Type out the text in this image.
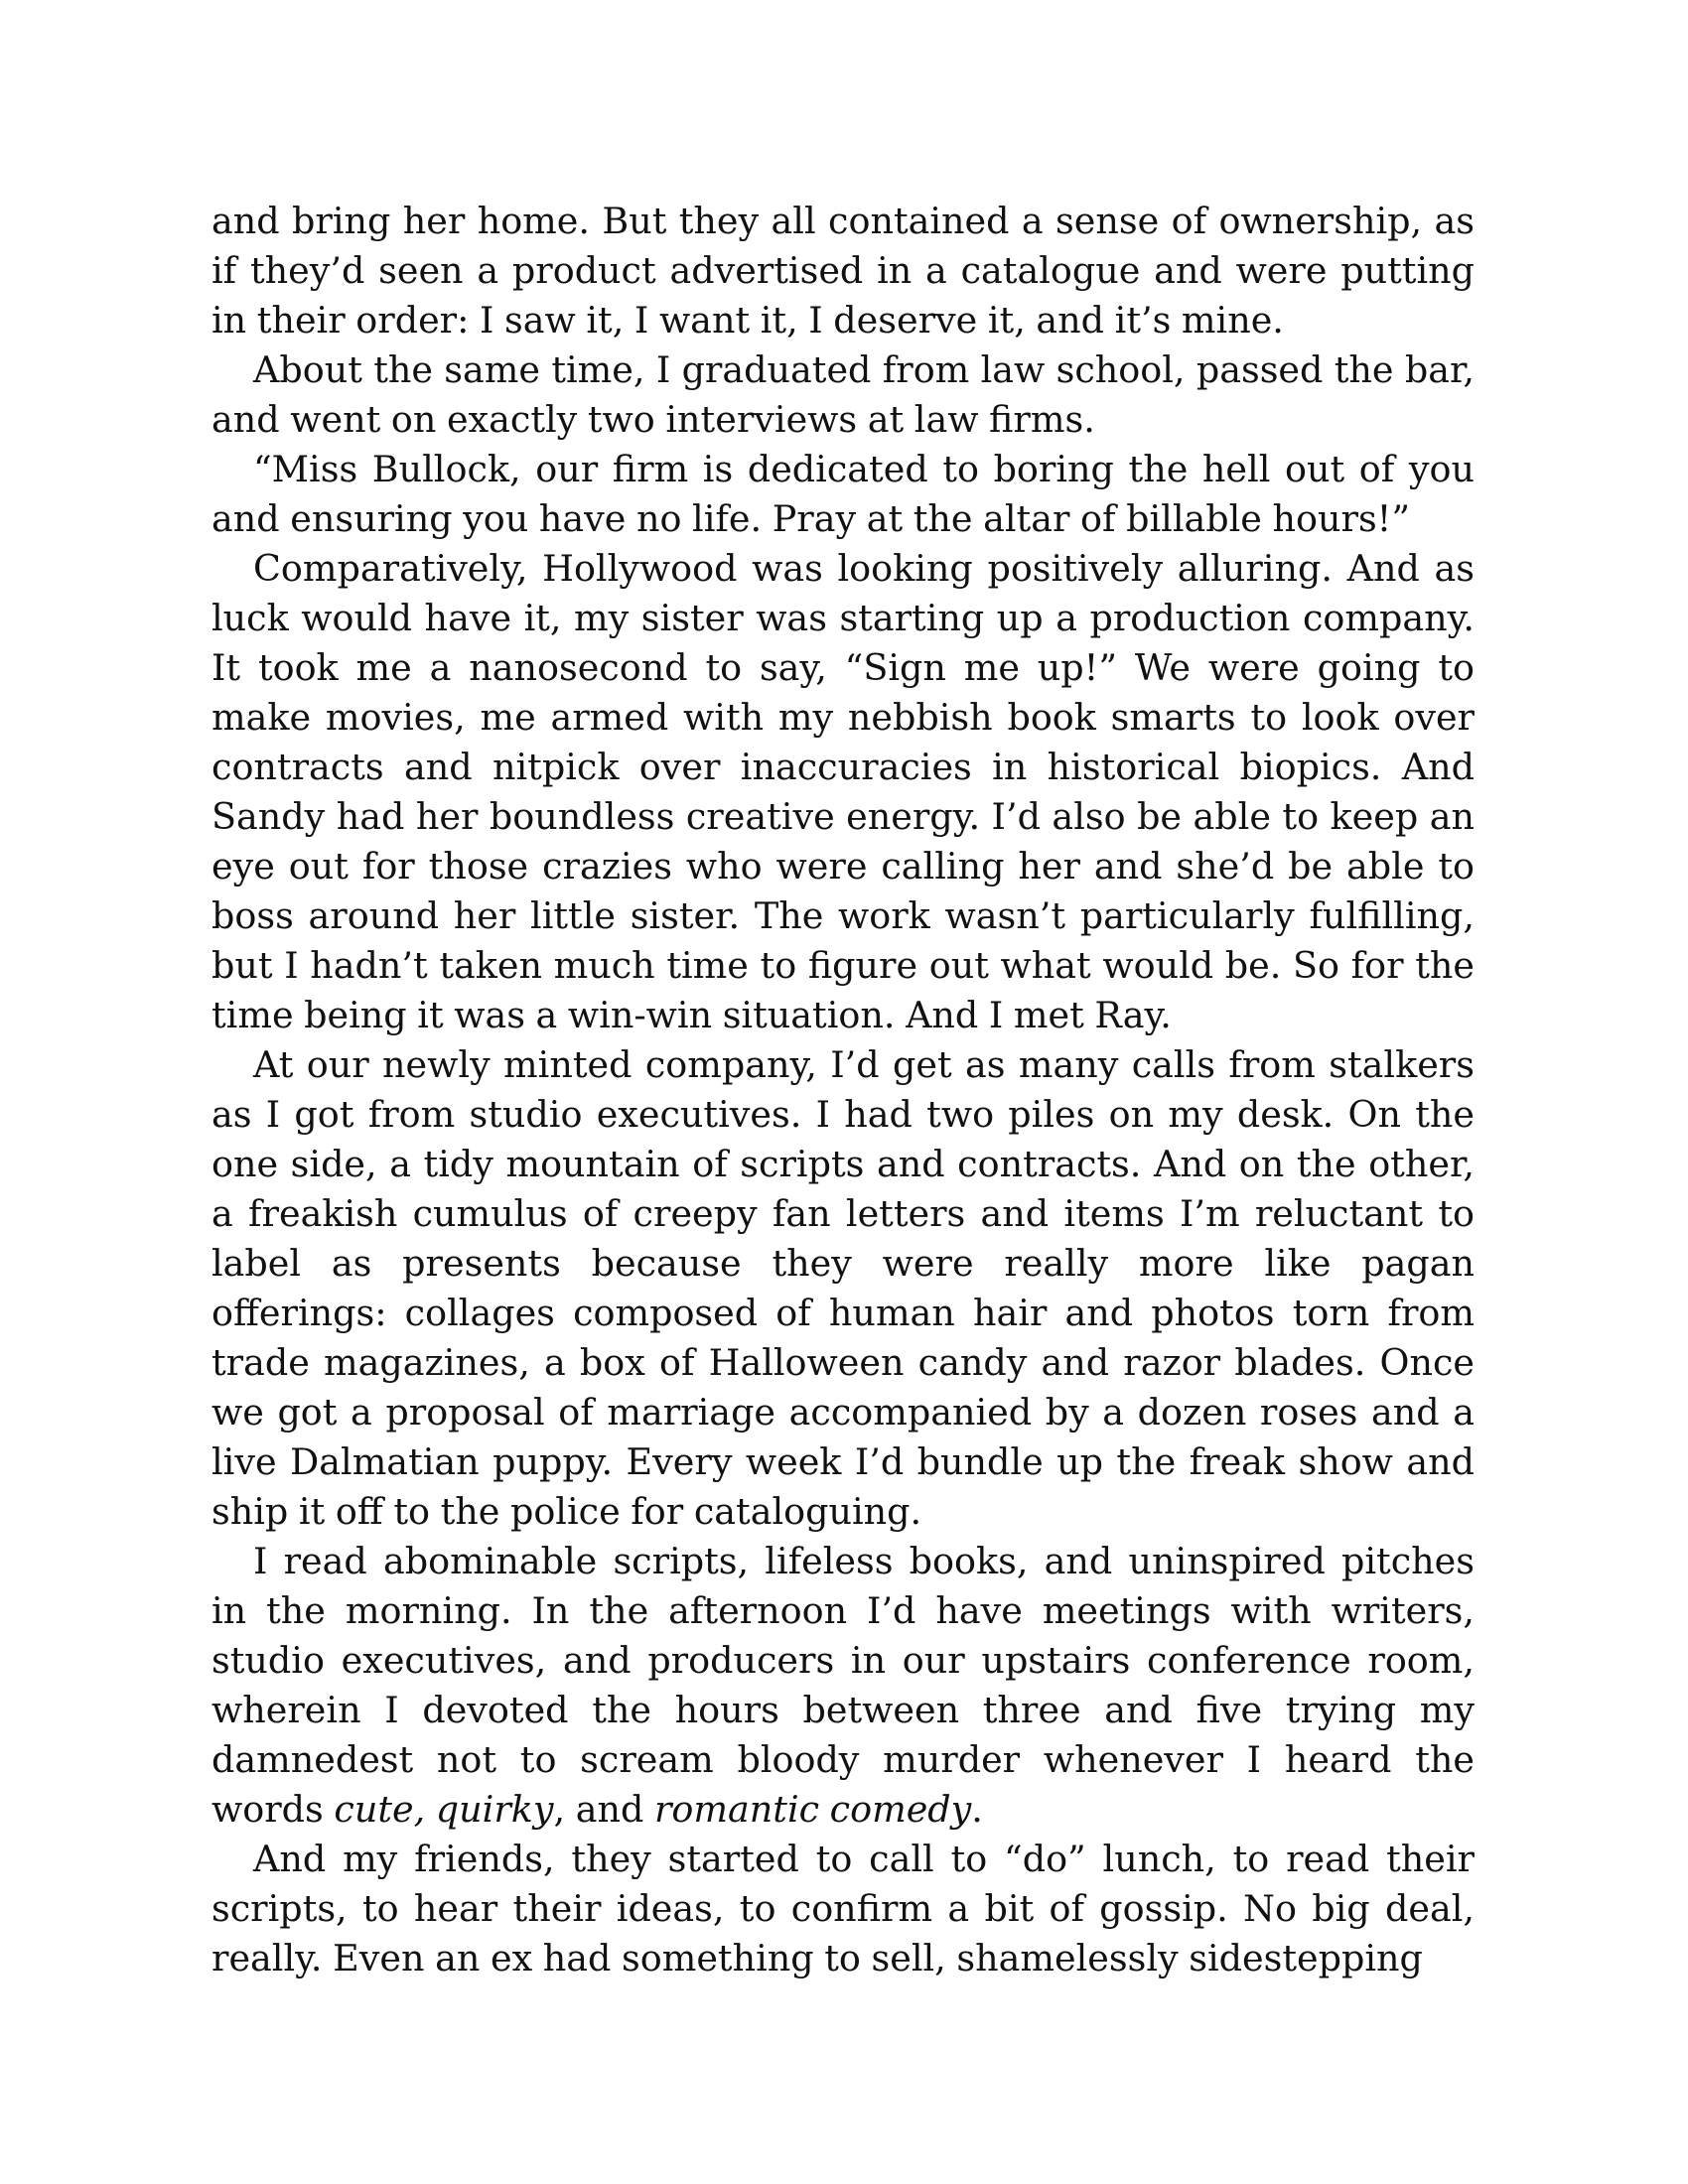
and bring her home. But they all contained a sense of ownership, as if they’d seen a product advertised in a catalogue and were putting in their order: I saw it, I want it, I deserve it, and it’s mine.

About the same time, I graduated from law school, passed the bar, and went on exactly two interviews at law firms.

“Miss Bullock, our firm is dedicated to boring the hell out of you and ensuring you have no life. Pray at the altar of billable hours!”

Comparatively, Hollywood was looking positively alluring. And as luck would have it, my sister was starting up a production company. It took me a nanosecond to say, “Sign me up!” We were going to make movies, me armed with my nebbish book smarts to look over contracts and nitpick over inaccuracies in historical biopics. And Sandy had her boundless creative energy. I’d also be able to keep an eye out for those crazies who were calling her and she’d be able to boss around her little sister. The work wasn’t particularly fulfilling, but I hadn’t taken much time to figure out what would be. So for the time being it was a win-win situation. And I met Ray.

At our newly minted company, I’d get as many calls from stalkers as I got from studio executives. I had two piles on my desk. On the one side, a tidy mountain of scripts and contracts. And on the other, a freakish cumulus of creepy fan letters and items I’m reluctant to label as presents because they were really more like pagan offerings: collages composed of human hair and photos torn from trade magazines, a box of Halloween candy and razor blades. Once we got a proposal of marriage accompanied by a dozen roses and a live Dalmatian puppy. Every week I’d bundle up the freak show and ship it off to the police for cataloguing.

I read abominable scripts, lifeless books, and uninspired pitches in the morning. In the afternoon I’d have meetings with writers, studio executives, and producers in our upstairs conference room, wherein I devoted the hours between three and five trying my damnedest not to scream bloody murder whenever I heard the words cute, quirky, and romantic comedy.

And my friends, they started to call to “do” lunch, to read their scripts, to hear their ideas, to confirm a bit of gossip. No big deal, really. Even an ex had something to sell, shamelessly sidestepping
